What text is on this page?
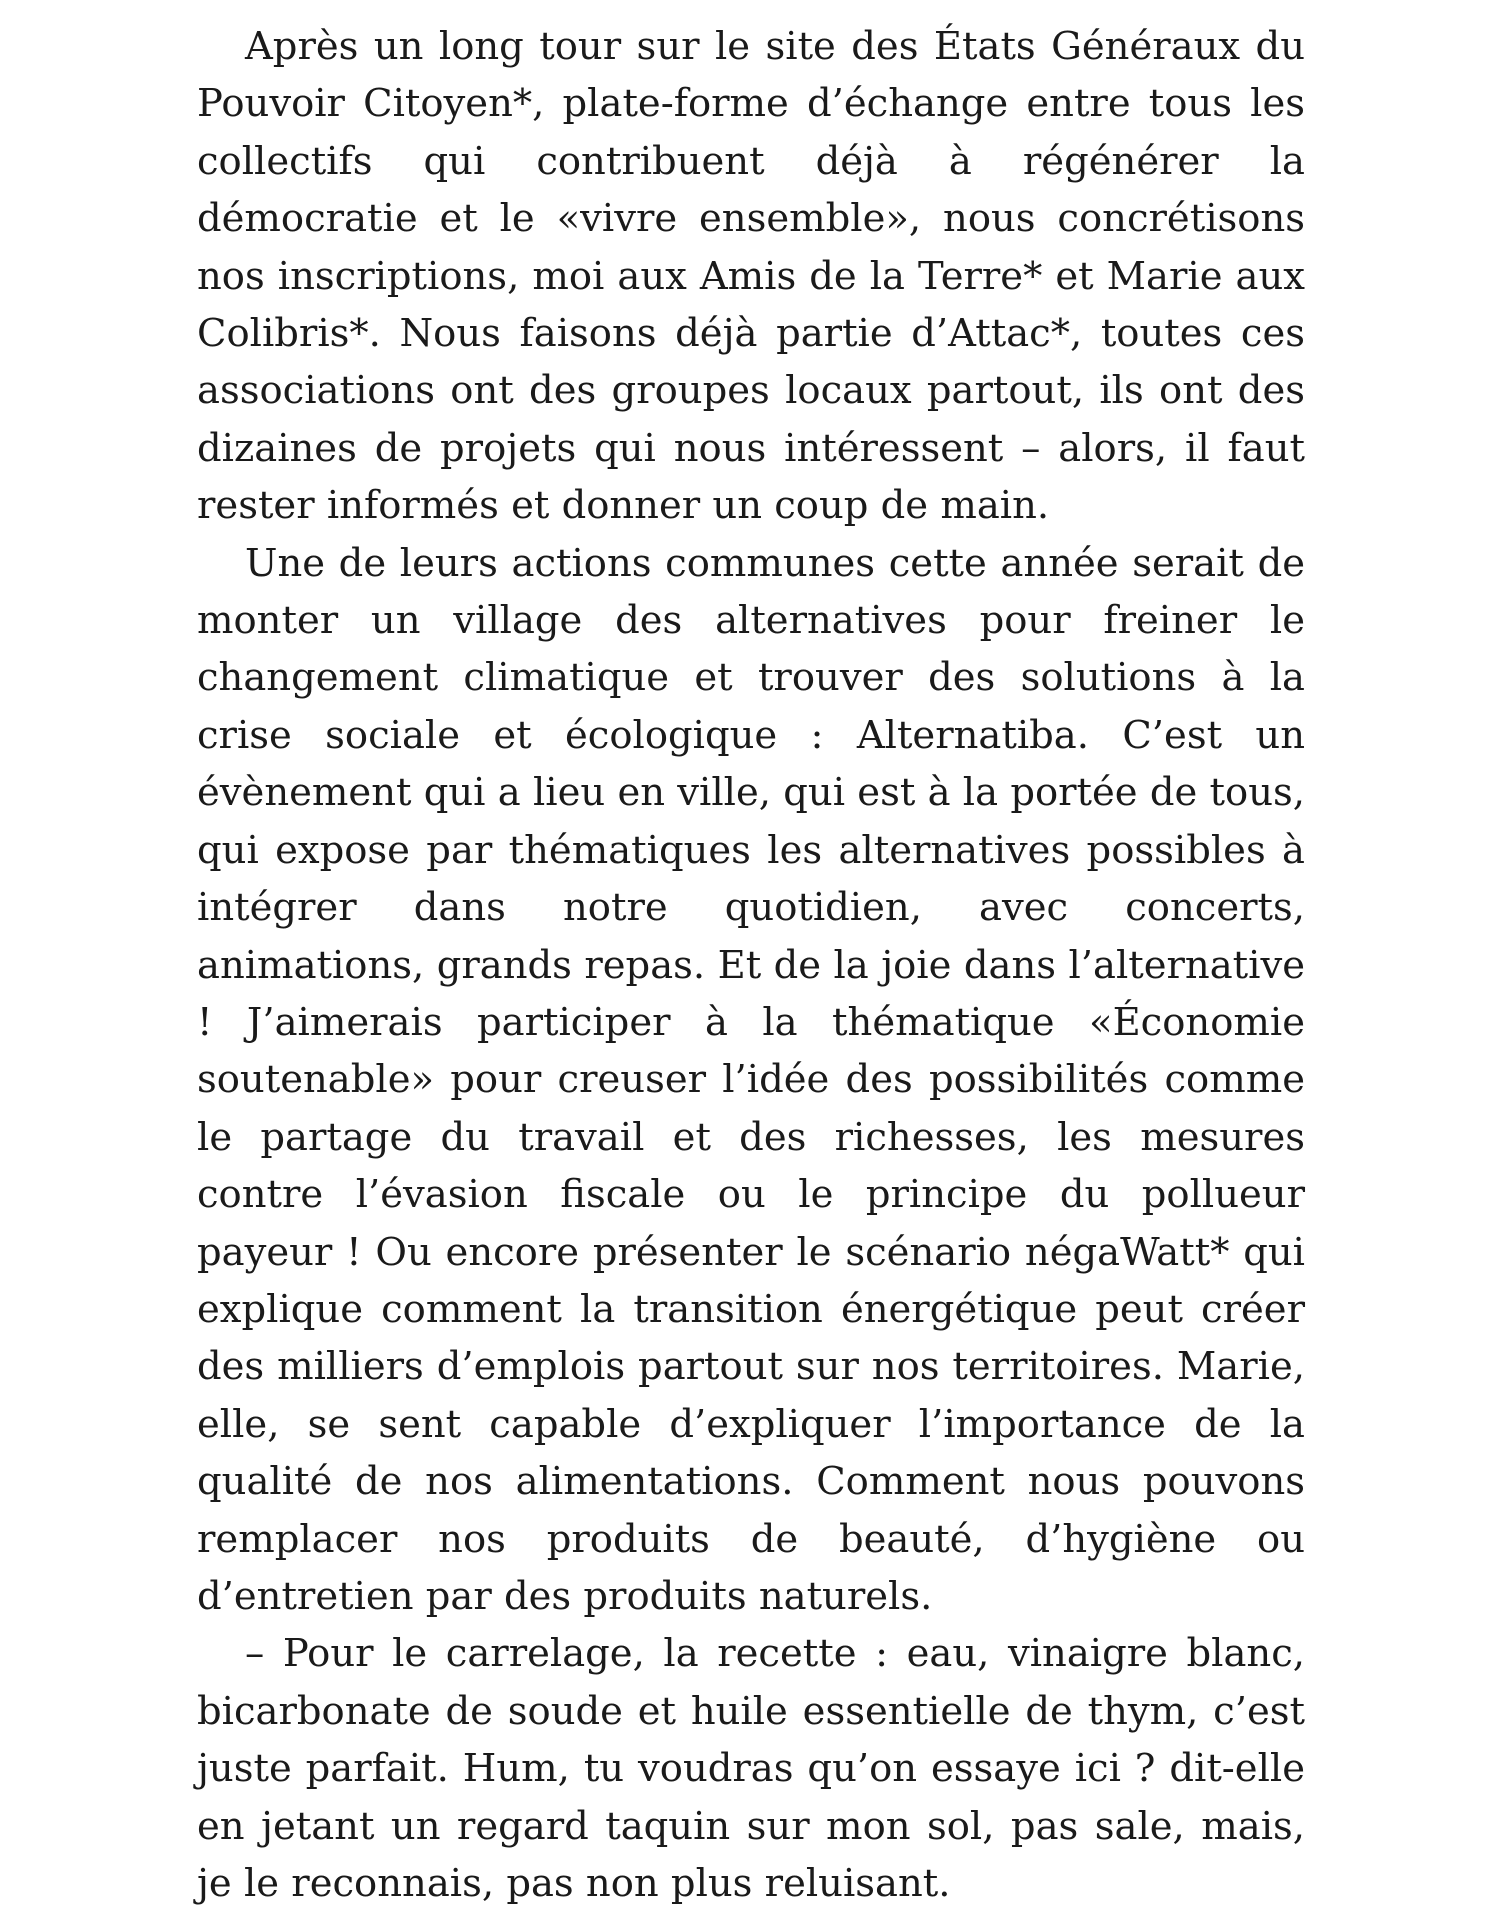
Après un long tour sur le site des États Généraux du Pouvoir Citoyen*, plate-forme d’échange entre tous les collectifs qui contribuent déjà à régénérer la démocratie et le «vivre ensemble», nous concrétisons nos inscriptions, moi aux Amis de la Terre* et Marie aux Colibris*. Nous faisons déjà partie d’Attac*, toutes ces associations ont des groupes locaux partout, ils ont des dizaines de projets qui nous intéressent – alors, il faut rester informés et donner un coup de main.

Une de leurs actions communes cette année serait de monter un village des alternatives pour freiner le changement climatique et trouver des solutions à la crise sociale et écologique : Alternatiba. C’est un évènement qui a lieu en ville, qui est à la portée de tous, qui expose par thématiques les alternatives possibles à intégrer dans notre quotidien, avec concerts, animations, grands repas. Et de la joie dans l’alternative ! J’aimerais participer à la thématique «Économie soutenable» pour creuser l’idée des possibilités comme le partage du travail et des richesses, les mesures contre l’évasion fiscale ou le principe du pollueur payeur ! Ou encore présenter le scénario négaWatt* qui explique comment la transition énergétique peut créer des milliers d’emplois partout sur nos territoires. Marie, elle, se sent capable d’expliquer l’importance de la qualité de nos alimentations. Comment nous pouvons remplacer nos produits de beauté, d’hygiène ou d’entretien par des produits naturels.

– Pour le carrelage, la recette : eau, vinaigre blanc, bicarbonate de soude et huile essentielle de thym, c’est juste parfait. Hum, tu voudras qu’on essaye ici ? dit-elle en jetant un regard taquin sur mon sol, pas sale, mais, je le reconnais, pas non plus reluisant.
